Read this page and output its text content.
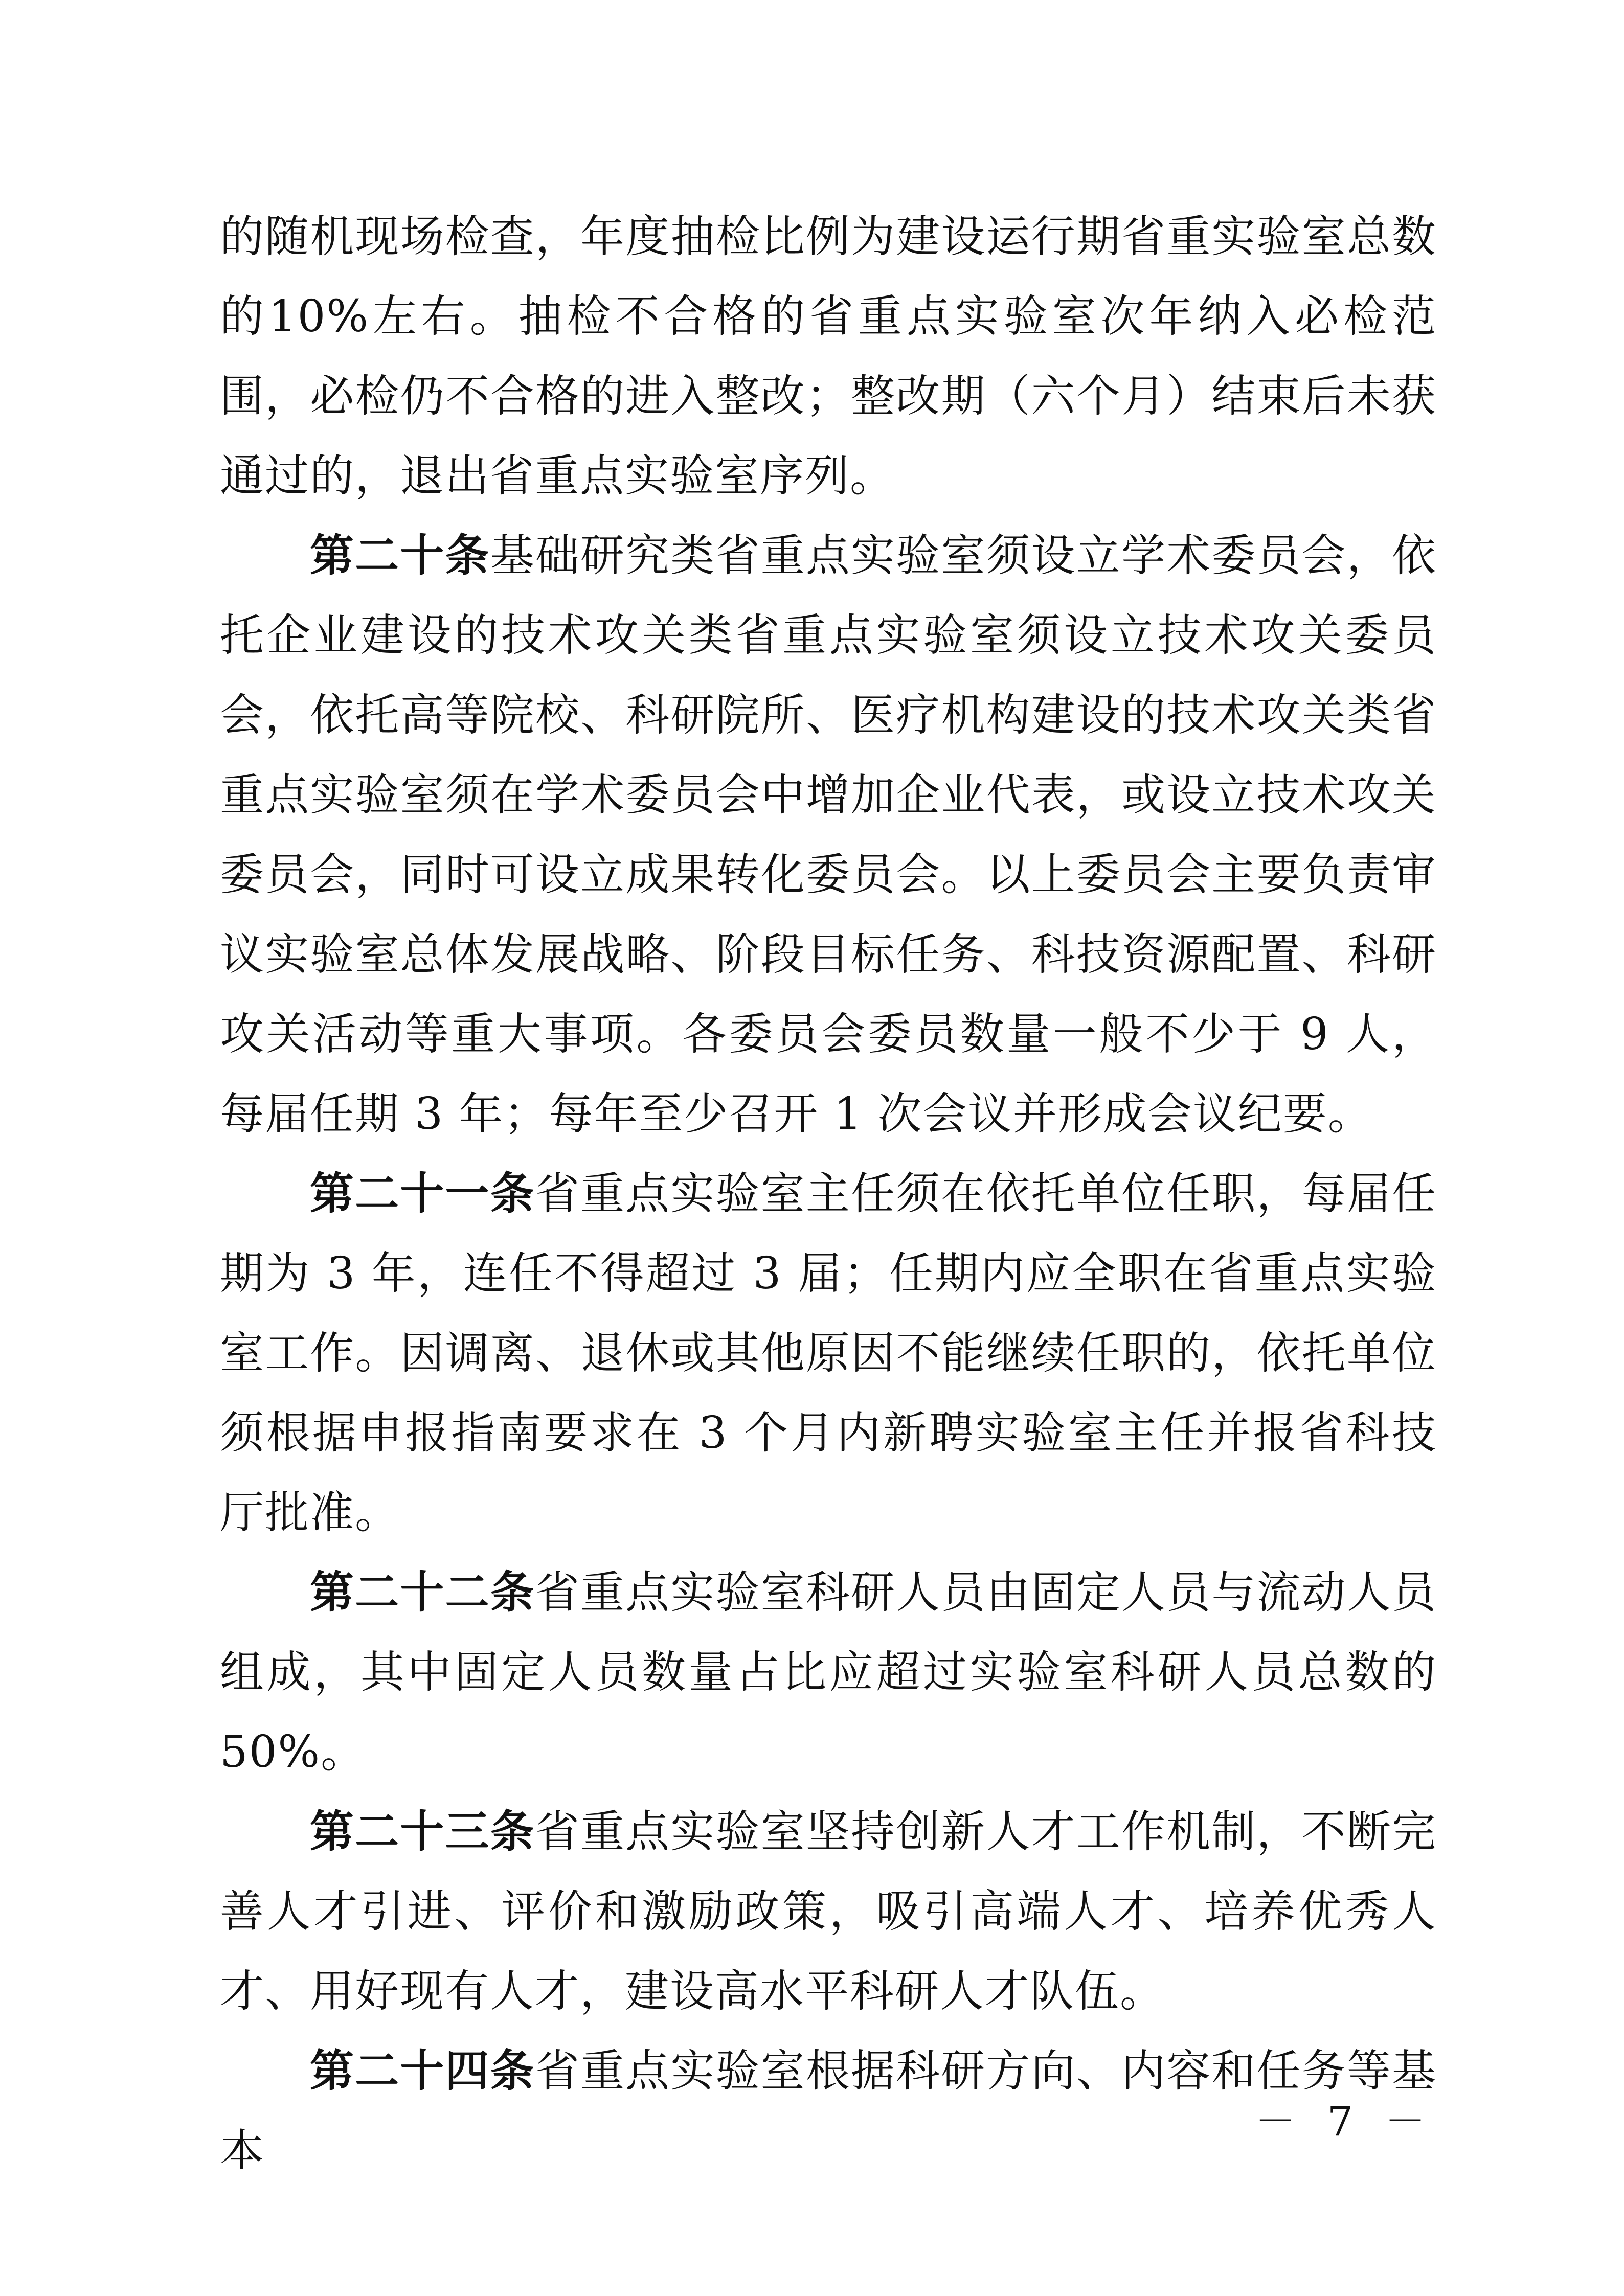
的随机现场检查，年度抽检比例为建设运行期省重实验室总数的10%左右。抽检不合格的省重点实验室次年纳入必检范围，必检仍不合格的进入整改；整改期（六个月）结束后未获通过的，退出省重点实验室序列。

第二十条基础研究类省重点实验室须设立学术委员会，依托企业建设的技术攻关类省重点实验室须设立技术攻关委员会，依托高等院校、科研院所、医疗机构建设的技术攻关类省重点实验室须在学术委员会中增加企业代表，或设立技术攻关委员会，同时可设立成果转化委员会。以上委员会主要负责审议实验室总体发展战略、阶段目标任务、科技资源配置、科研攻关活动等重大事项。各委员会委员数量一般不少于 9 人，每届任期 3 年；每年至少召开 1 次会议并形成会议纪要。

第二十一条省重点实验室主任须在依托单位任职，每届任期为 3 年，连任不得超过 3 届；任期内应全职在省重点实验室工作。因调离、退休或其他原因不能继续任职的，依托单位须根据申报指南要求在 3 个月内新聘实验室主任并报省科技厅批准。

第二十二条省重点实验室科研人员由固定人员与流动人员组成，其中固定人员数量占比应超过实验室科研人员总数的 50%。

第二十三条省重点实验室坚持创新人才工作机制，不断完善人才引进、评价和激励政策，吸引高端人才、培养优秀人才、用好现有人才，建设高水平科研人才队伍。

第二十四条省重点实验室根据科研方向、内容和任务等基本

－ 7 －
